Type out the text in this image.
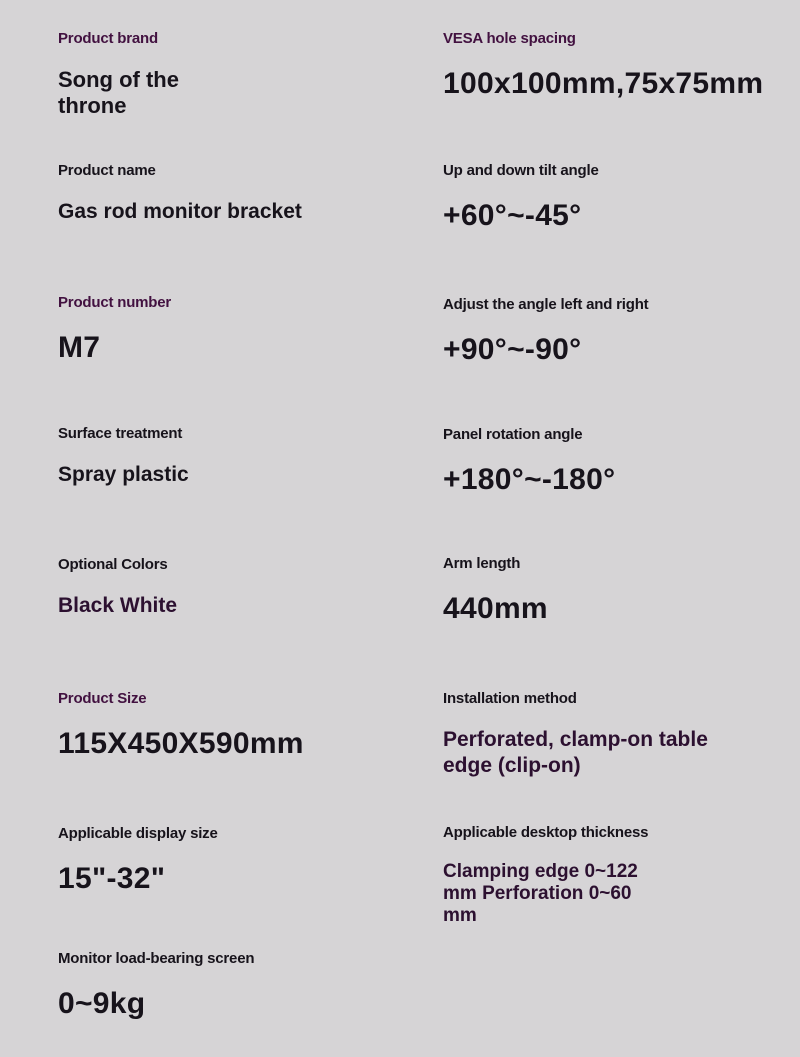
Product brand
Song of the throne
Product name
Gas rod monitor bracket
Product number
M7
Surface treatment
Spray plastic
Optional Colors
Black White
Product Size
115X450X590mm
Applicable display size
15"-32"
Monitor load-bearing screen
0~9kg
VESA hole spacing
100x100mm,75x75mm
Up and down tilt angle
+60°~-45°
Adjust the angle left and right
+90°~-90°
Panel rotation angle
+180°~-180°
Arm length
440mm
Installation method
Perforated, clamp-on table edge (clip-on)
Applicable desktop thickness
Clamping edge 0~122 mm Perforation 0~60 mm
